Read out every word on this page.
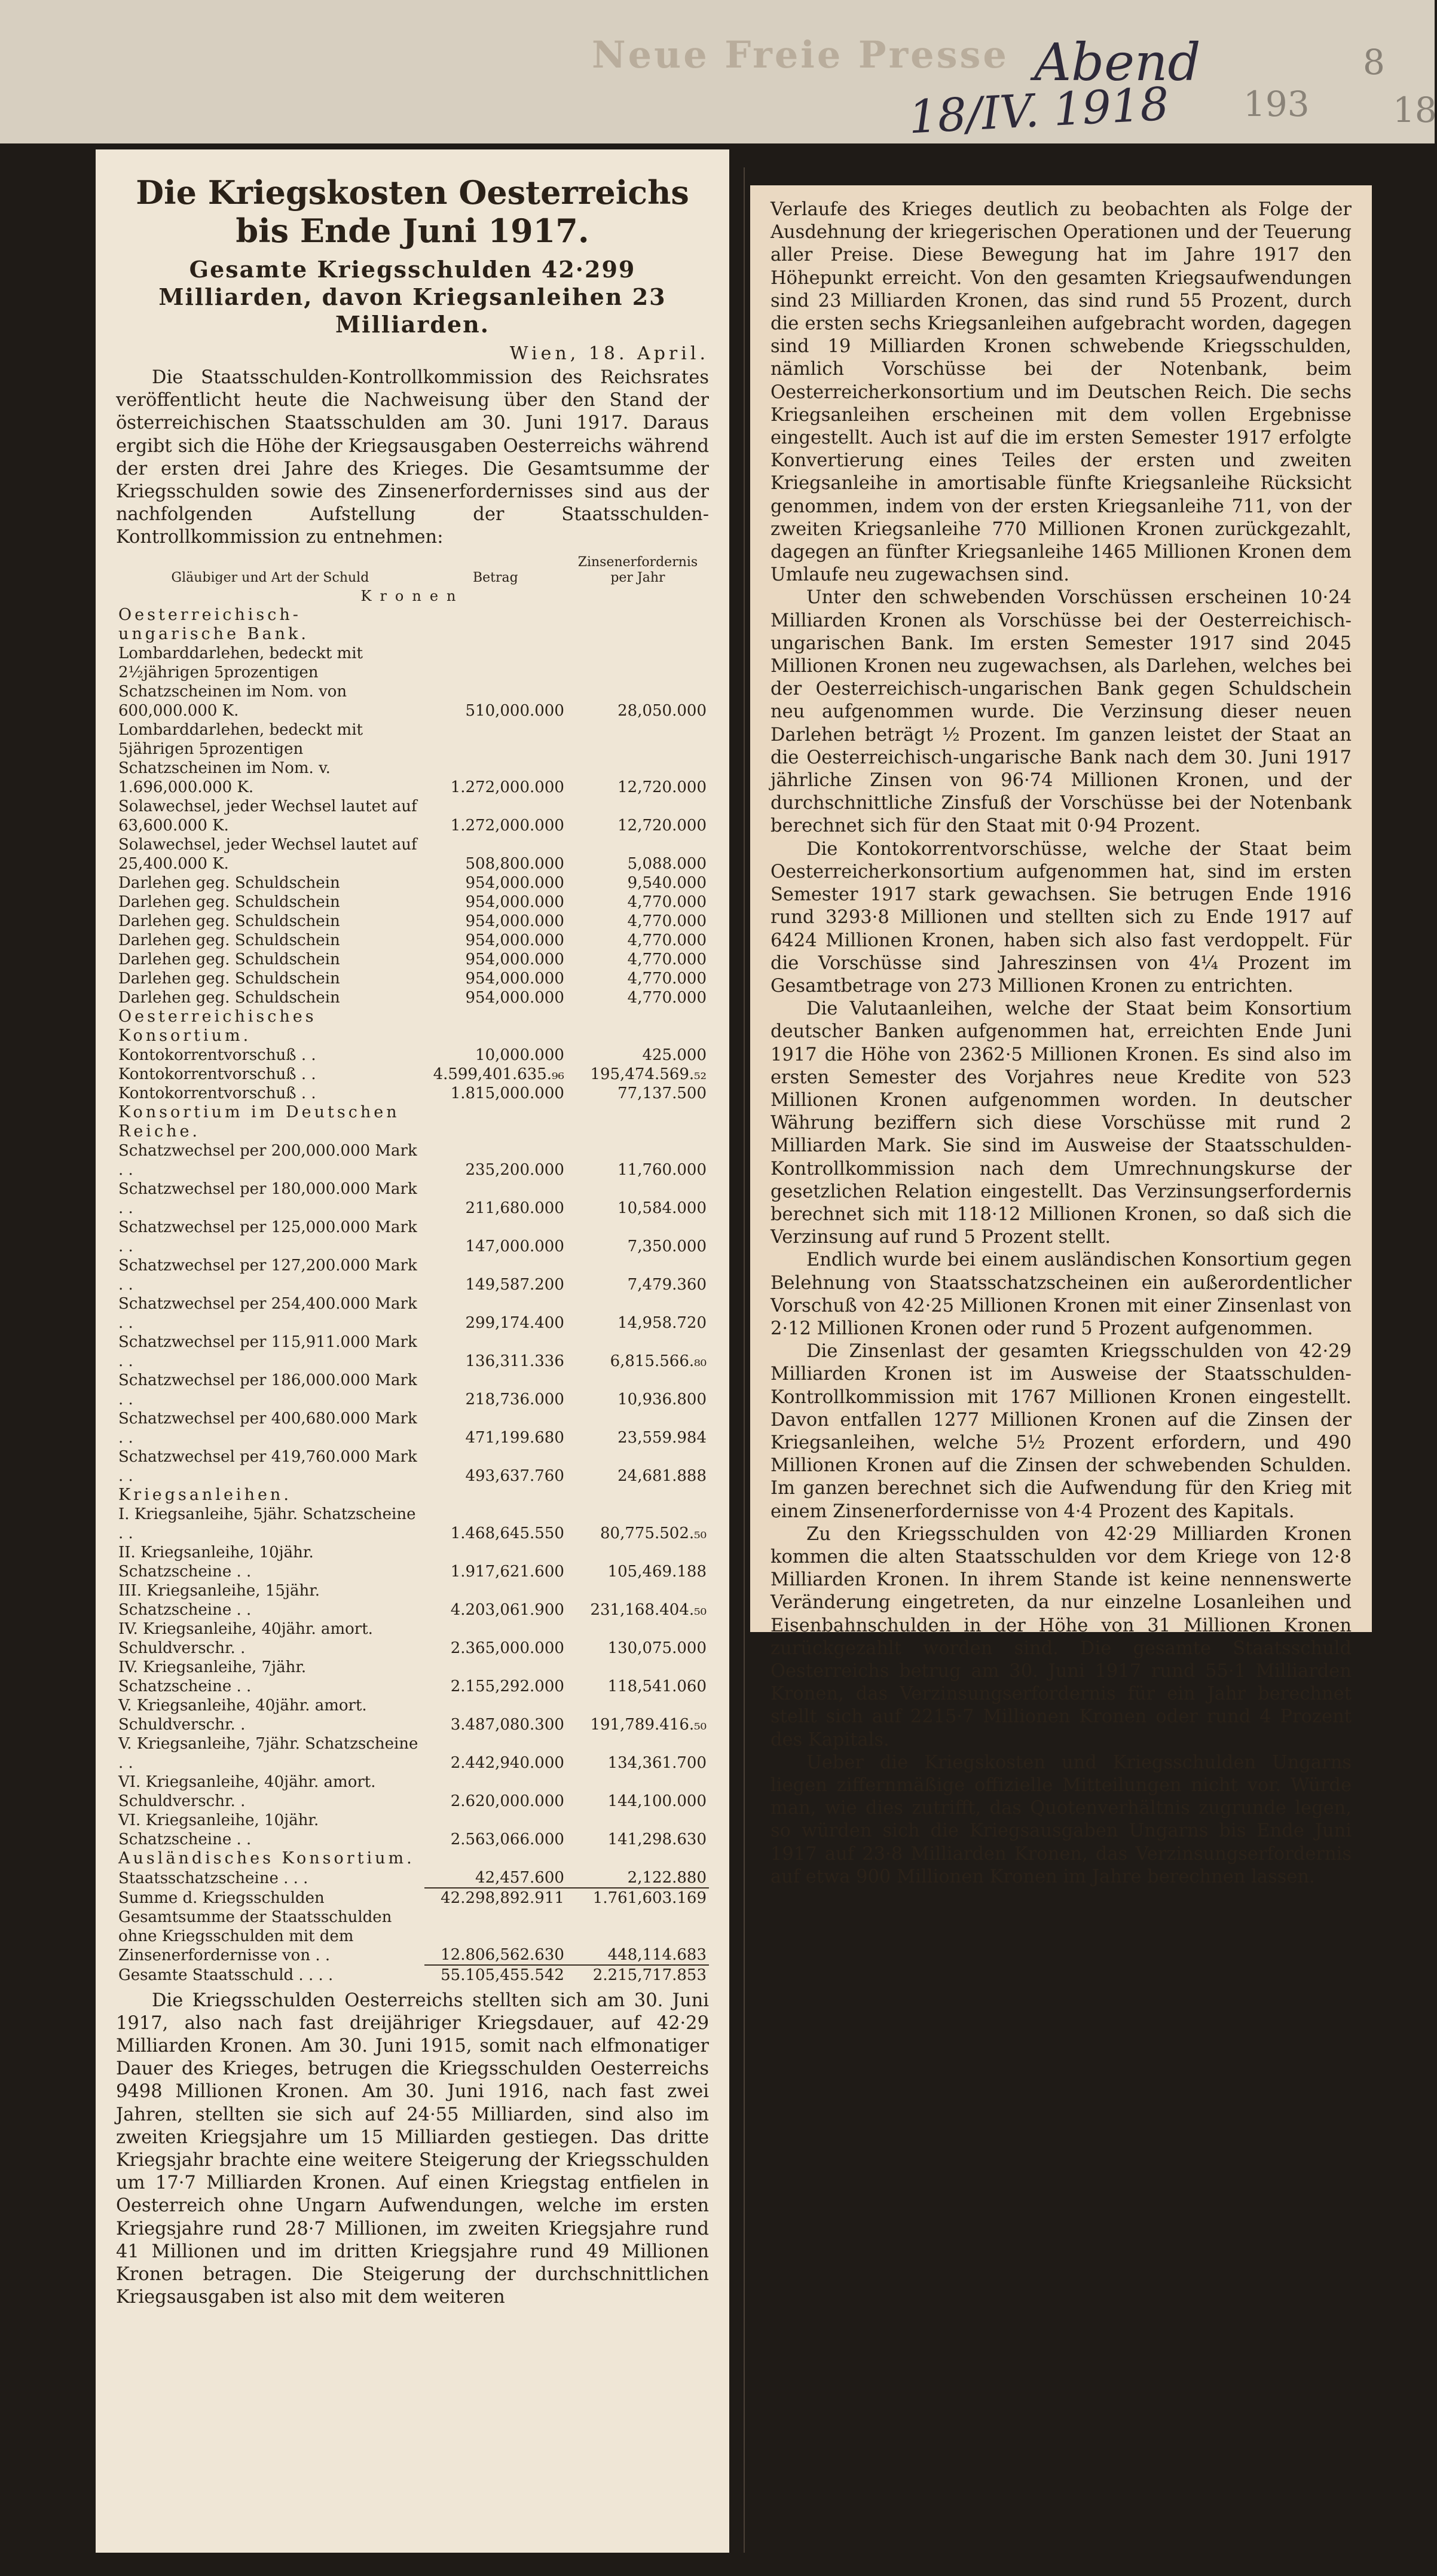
Neue Freie Presse Abend
18/IV. 1918 193
8
18
Die Kriegskosten Oesterreichs bis Ende Juni 1917.
Gesamte Kriegsschulden 42·299 Milliarden, davon Kriegsanleihen 23 Milliarden.
Wien, 18. April.

Die Staatsschulden-Kontrollkommission des Reichsrates veröffentlicht heute die Nachweisung über den Stand der österreichischen Staatsschulden am 30. Juni 1917. Daraus ergibt sich die Höhe der Kriegsausgaben Oesterreichs während der ersten drei Jahre des Krieges. Die Gesamtsumme der Kriegsschulden sowie des Zinsenerfordernisses sind aus der nachfolgenden Aufstellung der Staatsschulden-Kontrollkommission zu entnehmen:

Gläubiger und Art der Schuld	Betrag	Zinsenerfordernis per Jahr
Kronen		
Oesterreichisch-ungarische Bank.		
Lombarddarlehen, bedeckt mit 2½jährigen 5prozentigen Schatzscheinen im Nom. von 600,000.000 K.	510,000.000	28,050.000
Lombarddarlehen, bedeckt mit 5jährigen 5prozentigen Schatzscheinen im Nom. v. 1.696,000.000 K.	1.272,000.000	12,720.000
Solawechsel, jeder Wechsel lautet auf 63,600.000 K.	1.272,000.000	12,720.000
Solawechsel, jeder Wechsel lautet auf 25,400.000 K.	508,800.000	5,088.000
Darlehen geg. Schuldschein	954,000.000	9,540.000
Darlehen geg. Schuldschein	954,000.000	4,770.000
Darlehen geg. Schuldschein	954,000.000	4,770.000
Darlehen geg. Schuldschein	954,000.000	4,770.000
Darlehen geg. Schuldschein	954,000.000	4,770.000
Darlehen geg. Schuldschein	954,000.000	4,770.000
Darlehen geg. Schuldschein	954,000.000	4,770.000
Oesterreichisches Konsortium.		
Kontokorrentvorschuß . .	10,000.000	425.000
Kontokorrentvorschuß . .	4.599,401.635.₉₆	195,474.569.₅₂
Kontokorrentvorschuß . .	1.815,000.000	77,137.500
Konsortium im Deutschen Reiche.		
Schatzwechsel per 200,000.000 Mark . .	235,200.000	11,760.000
Schatzwechsel per 180,000.000 Mark . .	211,680.000	10,584.000
Schatzwechsel per 125,000.000 Mark . .	147,000.000	7,350.000
Schatzwechsel per 127,200.000 Mark . .	149,587.200	7,479.360
Schatzwechsel per 254,400.000 Mark . .	299,174.400	14,958.720
Schatzwechsel per 115,911.000 Mark . .	136,311.336	6,815.566.₈₀
Schatzwechsel per 186,000.000 Mark . .	218,736.000	10,936.800
Schatzwechsel per 400,680.000 Mark . .	471,199.680	23,559.984
Schatzwechsel per 419,760.000 Mark . .	493,637.760	24,681.888
Kriegsanleihen.		
I. Kriegsanleihe, 5jähr. Schatzscheine . .	1.468,645.550	80,775.502.₅₀
II. Kriegsanleihe, 10jähr. Schatzscheine . .	1.917,621.600	105,469.188
III. Kriegsanleihe, 15jähr. Schatzscheine . .	4.203,061.900	231,168.404.₅₀
IV. Kriegsanleihe, 40jähr. amort. Schuldverschr. .	2.365,000.000	130,075.000
IV. Kriegsanleihe, 7jähr. Schatzscheine . .	2.155,292.000	118,541.060
V. Kriegsanleihe, 40jähr. amort. Schuldverschr. .	3.487,080.300	191,789.416.₅₀
V. Kriegsanleihe, 7jähr. Schatzscheine . .	2.442,940.000	134,361.700
VI. Kriegsanleihe, 40jähr. amort. Schuldverschr. .	2.620,000.000	144,100.000
VI. Kriegsanleihe, 10jähr. Schatzscheine . .	2.563,066.000	141,298.630
Ausländisches Konsortium.		
Staatsschatzscheine . . .	42,457.600	2,122.880
Summe d. Kriegsschulden	42.298,892.911	1.761,603.169
Gesamtsumme der Staatsschulden ohne Kriegsschulden mit dem Zinsenerfordernisse von . .	12.806,562.630	448,114.683
Gesamte Staatsschuld . . . .	55.105,455.542	2.215,717.853

Die Kriegsschulden Oesterreichs stellten sich am 30. Juni 1917, also nach fast dreijähriger Kriegsdauer, auf 42·29 Milliarden Kronen. Am 30. Juni 1915, somit nach elfmonatiger Dauer des Krieges, betrugen die Kriegsschulden Oesterreichs 9498 Millionen Kronen. Am 30. Juni 1916, nach fast zwei Jahren, stellten sie sich auf 24·55 Milliarden, sind also im zweiten Kriegsjahre um 15 Milliarden gestiegen. Das dritte Kriegsjahr brachte eine weitere Steigerung der Kriegsschulden um 17·7 Milliarden Kronen. Auf einen Kriegstag entfielen in Oesterreich ohne Ungarn Aufwendungen, welche im ersten Kriegsjahre rund 28·7 Millionen, im zweiten Kriegsjahre rund 41 Millionen und im dritten Kriegsjahre rund 49 Millionen Kronen betragen. Die Steigerung der durchschnittlichen Kriegsausgaben ist also mit dem weiteren

Verlaufe des Krieges deutlich zu beobachten als Folge der Ausdehnung der kriegerischen Operationen und der Teuerung aller Preise. Diese Bewegung hat im Jahre 1917 den Höhepunkt erreicht. Von den gesamten Kriegsaufwendungen sind 23 Milliarden Kronen, das sind rund 55 Prozent, durch die ersten sechs Kriegsanleihen aufgebracht worden, dagegen sind 19 Milliarden Kronen schwebende Kriegsschulden, nämlich Vorschüsse bei der Notenbank, beim Oesterreicherkonsortium und im Deutschen Reich. Die sechs Kriegsanleihen erscheinen mit dem vollen Ergebnisse eingestellt. Auch ist auf die im ersten Semester 1917 erfolgte Konvertierung eines Teiles der ersten und zweiten Kriegsanleihe in amortisable fünfte Kriegsanleihe Rücksicht genommen, indem von der ersten Kriegsanleihe 711, von der zweiten Kriegsanleihe 770 Millionen Kronen zurückgezahlt, dagegen an fünfter Kriegsanleihe 1465 Millionen Kronen dem Umlaufe neu zugewachsen sind.

Unter den schwebenden Vorschüssen erscheinen 10·24 Milliarden Kronen als Vorschüsse bei der Oesterreichisch-ungarischen Bank. Im ersten Semester 1917 sind 2045 Millionen Kronen neu zugewachsen, als Darlehen, welches bei der Oesterreichisch-ungarischen Bank gegen Schuldschein neu aufgenommen wurde. Die Verzinsung dieser neuen Darlehen beträgt ½ Prozent. Im ganzen leistet der Staat an die Oesterreichisch-ungarische Bank nach dem 30. Juni 1917 jährliche Zinsen von 96·74 Millionen Kronen, und der durchschnittliche Zinsfuß der Vorschüsse bei der Notenbank berechnet sich für den Staat mit 0·94 Prozent.

Die Kontokorrentvorschüsse, welche der Staat beim Oesterreicherkonsortium aufgenommen hat, sind im ersten Semester 1917 stark gewachsen. Sie betrugen Ende 1916 rund 3293·8 Millionen und stellten sich zu Ende 1917 auf 6424 Millionen Kronen, haben sich also fast verdoppelt. Für die Vorschüsse sind Jahreszinsen von 4¼ Prozent im Gesamtbetrage von 273 Millionen Kronen zu entrichten.

Die Valutaanleihen, welche der Staat beim Konsortium deutscher Banken aufgenommen hat, erreichten Ende Juni 1917 die Höhe von 2362·5 Millionen Kronen. Es sind also im ersten Semester des Vorjahres neue Kredite von 523 Millionen Kronen aufgenommen worden. In deutscher Währung beziffern sich diese Vorschüsse mit rund 2 Milliarden Mark. Sie sind im Ausweise der Staatsschulden-Kontrollkommission nach dem Umrechnungskurse der gesetzlichen Relation eingestellt. Das Verzinsungserfordernis berechnet sich mit 118·12 Millionen Kronen, so daß sich die Verzinsung auf rund 5 Prozent stellt.

Endlich wurde bei einem ausländischen Konsortium gegen Belehnung von Staatsschatzscheinen ein außerordentlicher Vorschuß von 42·25 Millionen Kronen mit einer Zinsenlast von 2·12 Millionen Kronen oder rund 5 Prozent aufgenommen.

Die Zinsenlast der gesamten Kriegsschulden von 42·29 Milliarden Kronen ist im Ausweise der Staatsschulden-Kontrollkommission mit 1767 Millionen Kronen eingestellt. Davon entfallen 1277 Millionen Kronen auf die Zinsen der Kriegsanleihen, welche 5½ Prozent erfordern, und 490 Millionen Kronen auf die Zinsen der schwebenden Schulden. Im ganzen berechnet sich die Aufwendung für den Krieg mit einem Zinsenerfordernisse von 4·4 Prozent des Kapitals.

Zu den Kriegsschulden von 42·29 Milliarden Kronen kommen die alten Staatsschulden vor dem Kriege von 12·8 Milliarden Kronen. In ihrem Stande ist keine nennenswerte Veränderung eingetreten, da nur einzelne Losanleihen und Eisenbahnschulden in der Höhe von 31 Millionen Kronen zurückgezahlt worden sind. Die gesamte Staatsschuld Oesterreichs betrug am 30. Juni 1917 rund 55·1 Milliarden Kronen, das Verzinsungserfordernis für ein Jahr berechnet stellt sich auf 2215·7 Millionen Kronen oder rund 4 Prozent des Kapitals.

Ueber die Kriegskosten und Kriegsschulden Ungarns liegen ziffernmäßige offizielle Mitteilungen nicht vor. Würde man, wie dies zutrifft, das Quotenverhältnis zugrunde legen, so würden sich die Kriegsausgaben Ungarns bis Ende Juni 1917 auf 23·8 Milliarden Kronen, das Verzinsungserfordernis auf etwa 900 Millionen Kronen im Jahre berechnen lassen.
